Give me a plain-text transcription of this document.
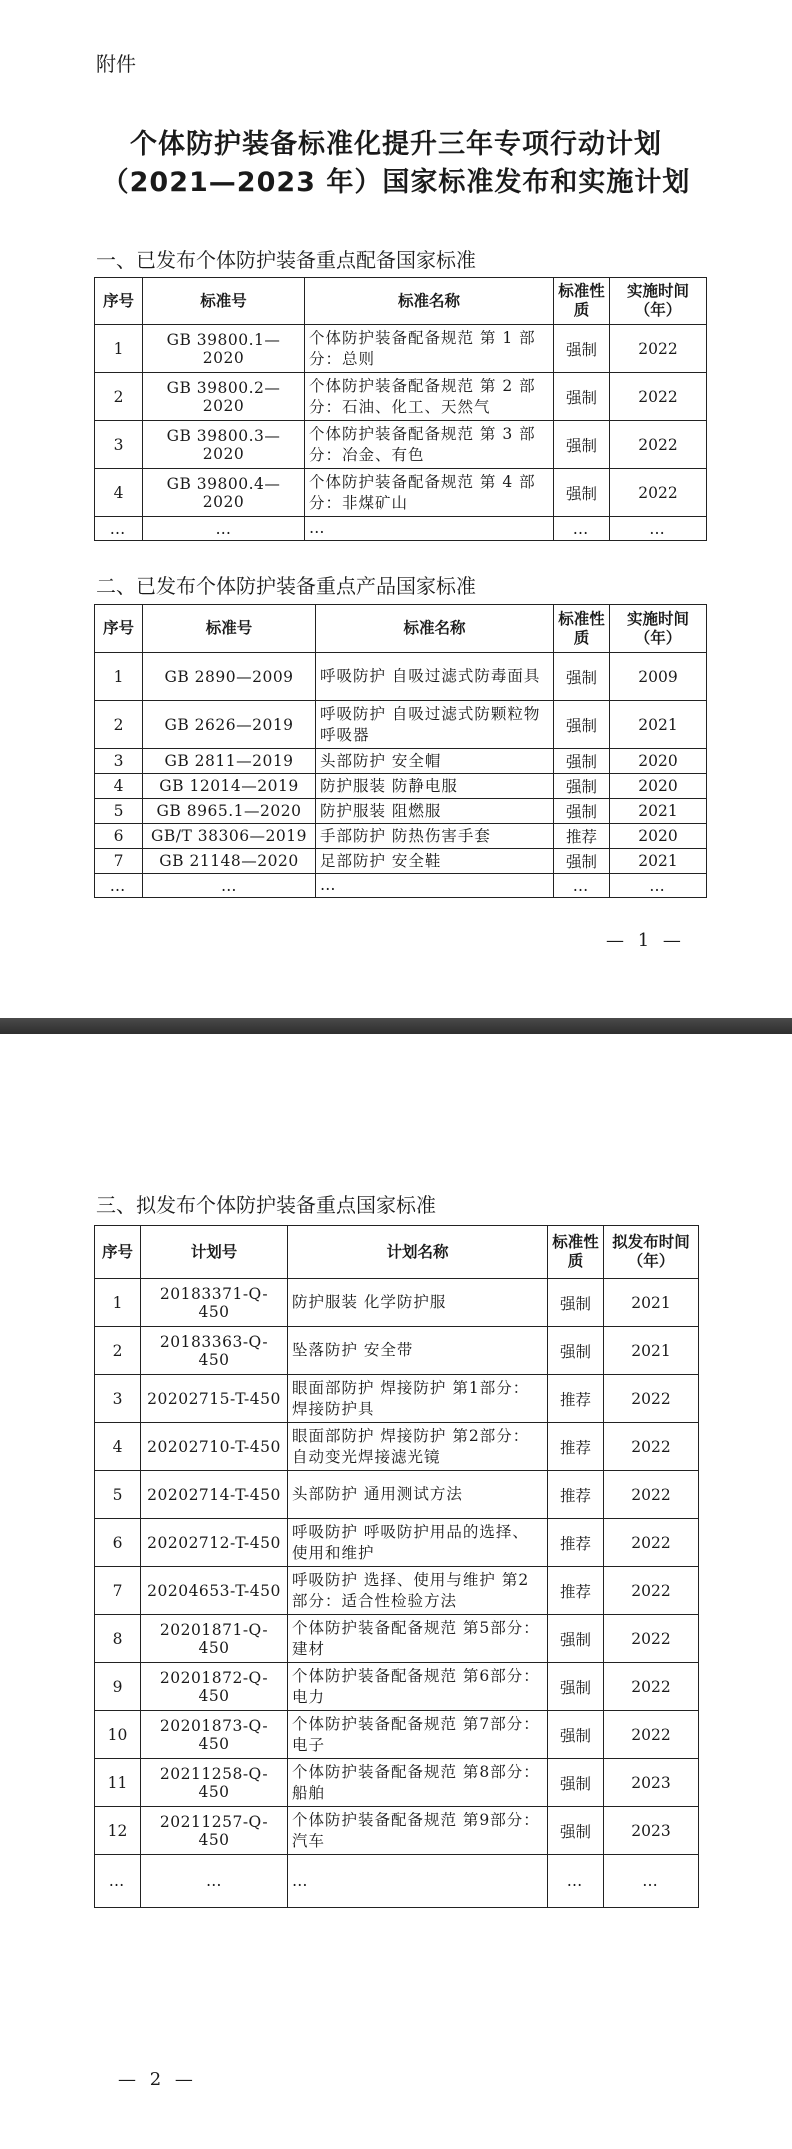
附件
个体防护装备标准化提升三年专项行动计划
（2021—2023 年）国家标准发布和实施计划
一、已发布个体防护装备重点配备国家标准
序号	标准号	标准名称	标准性质	实施时间（年）
1	GB 39800.1—2020	个体防护装备配备规范 第 1 部分：总则	强制	2022
2	GB 39800.2—2020	个体防护装备配备规范 第 2 部分：石油、化工、天然气	强制	2022
3	GB 39800.3—2020	个体防护装备配备规范 第 3 部分：冶金、有色	强制	2022
4	GB 39800.4—2020	个体防护装备配备规范 第 4 部分：非煤矿山	强制	2022
…	…	…	…	…
二、已发布个体防护装备重点产品国家标准
序号	标准号	标准名称	标准性质	实施时间（年）
1	GB 2890—2009	呼吸防护 自吸过滤式防毒面具	强制	2009
2	GB 2626—2019	呼吸防护 自吸过滤式防颗粒物呼吸器	强制	2021
3	GB 2811—2019	头部防护 安全帽	强制	2020
4	GB 12014—2019	防护服装 防静电服	强制	2020
5	GB 8965.1—2020	防护服装 阻燃服	强制	2021
6	GB/T 38306—2019	手部防护 防热伤害手套	推荐	2020
7	GB 21148—2020	足部防护 安全鞋	强制	2021
…	…	…	…	…
— 1 —
三、拟发布个体防护装备重点国家标准
序号	计划号	计划名称	标准性质	拟发布时间（年）
1	20183371-Q-450	防护服装 化学防护服	强制	2021
2	20183363-Q-450	坠落防护 安全带	强制	2021
3	20202715-T-450	眼面部防护 焊接防护 第1部分：焊接防护具	推荐	2022
4	20202710-T-450	眼面部防护 焊接防护 第2部分：自动变光焊接滤光镜	推荐	2022
5	20202714-T-450	头部防护 通用测试方法	推荐	2022
6	20202712-T-450	呼吸防护 呼吸防护用品的选择、使用和维护	推荐	2022
7	20204653-T-450	呼吸防护 选择、使用与维护 第2部分：适合性检验方法	推荐	2022
8	20201871-Q-450	个体防护装备配备规范 第5部分：建材	强制	2022
9	20201872-Q-450	个体防护装备配备规范 第6部分：电力	强制	2022
10	20201873-Q-450	个体防护装备配备规范 第7部分：电子	强制	2022
11	20211258-Q-450	个体防护装备配备规范 第8部分：船舶	强制	2023
12	20211257-Q-450	个体防护装备配备规范 第9部分：汽车	强制	2023
…	…	…	…	…
— 2 —
